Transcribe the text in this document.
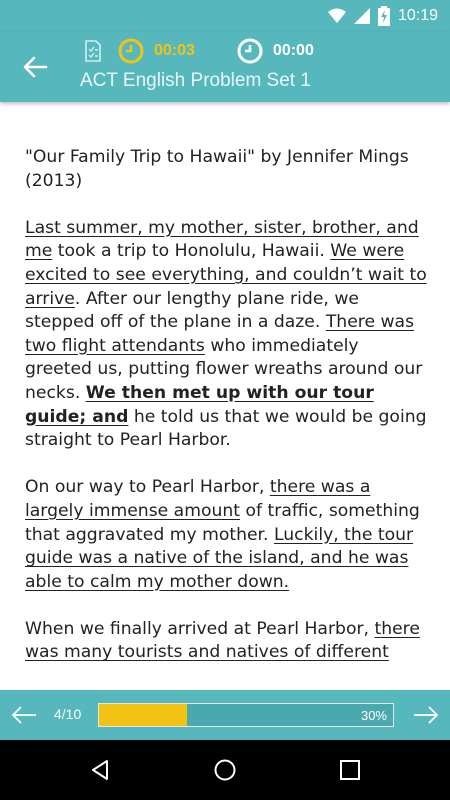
10:19
00:03	00:00
ACT English Problem Set 1

"Our Family Trip to Hawaii" by Jennifer Mings (2013)

Last summer, my mother, sister, brother, and me took a trip to Honolulu, Hawaii. We were excited to see everything, and couldn’t wait to arrive. After our lengthy plane ride, we stepped off of the plane in a daze. There was two flight attendants who immediately greeted us, putting flower wreaths around our necks. We then met up with our tour guide; and he told us that we would be going straight to Pearl Harbor.

On our way to Pearl Harbor, there was a largely immense amount of traffic, something that aggravated my mother. Luckily, the tour guide was a native of the island, and he was able to calm my mother down.

When we finally arrived at Pearl Harbor, there was many tourists and natives of different

4/10	30%
